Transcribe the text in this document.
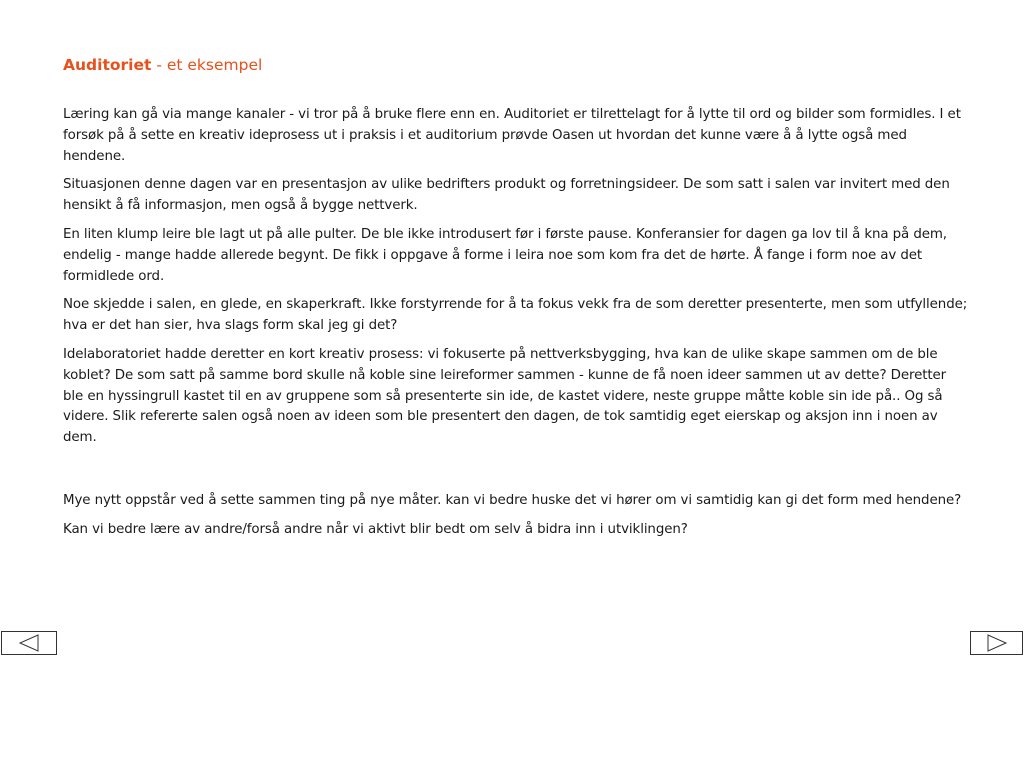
Auditoriet - et eksempel

Læring kan gå via mange kanaler - vi tror på å bruke flere enn en. Auditoriet er tilrettelagt for å lytte til ord og bilder som formidles. I et forsøk på å sette en kreativ ideprosess ut i praksis i et auditorium prøvde Oasen ut hvordan det kunne være å å lytte også med hendene.

Situasjonen denne dagen var en presentasjon av ulike bedrifters produkt og forretningsideer. De som satt i salen var invitert med den hensikt å få informasjon, men også å bygge nettverk.

En liten klump leire ble lagt ut på alle pulter. De ble ikke introdusert før i første pause. Konferansier for dagen ga lov til å kna på dem, endelig - mange hadde allerede begynt. De fikk i oppgave å forme i leira noe som kom fra det de hørte. Å fange i form noe av det formidlede ord.

Noe skjedde i salen, en glede, en skaperkraft. Ikke forstyrrende for å ta fokus vekk fra de som deretter presenterte, men som utfyllende; hva er det han sier, hva slags form skal jeg gi det?

Idelaboratoriet hadde deretter en kort kreativ prosess: vi fokuserte på nettverksbygging, hva kan de ulike skape sammen om de ble koblet? De som satt på samme bord skulle nå koble sine leireformer sammen - kunne de få noen ideer sammen ut av dette? Deretter ble en hyssingrull kastet til en av gruppene som så presenterte sin ide, de kastet videre, neste gruppe måtte koble sin ide på.. Og så videre. Slik refererte salen også noen av ideen som ble presentert den dagen, de tok samtidig eget eierskap og aksjon inn i noen av dem.

Mye nytt oppstår ved å sette sammen ting på nye måter. kan vi bedre huske det vi hører om vi samtidig kan gi det form med hendene?

Kan vi bedre lære av andre/forså andre når vi aktivt blir bedt om selv å bidra inn i utviklingen?
